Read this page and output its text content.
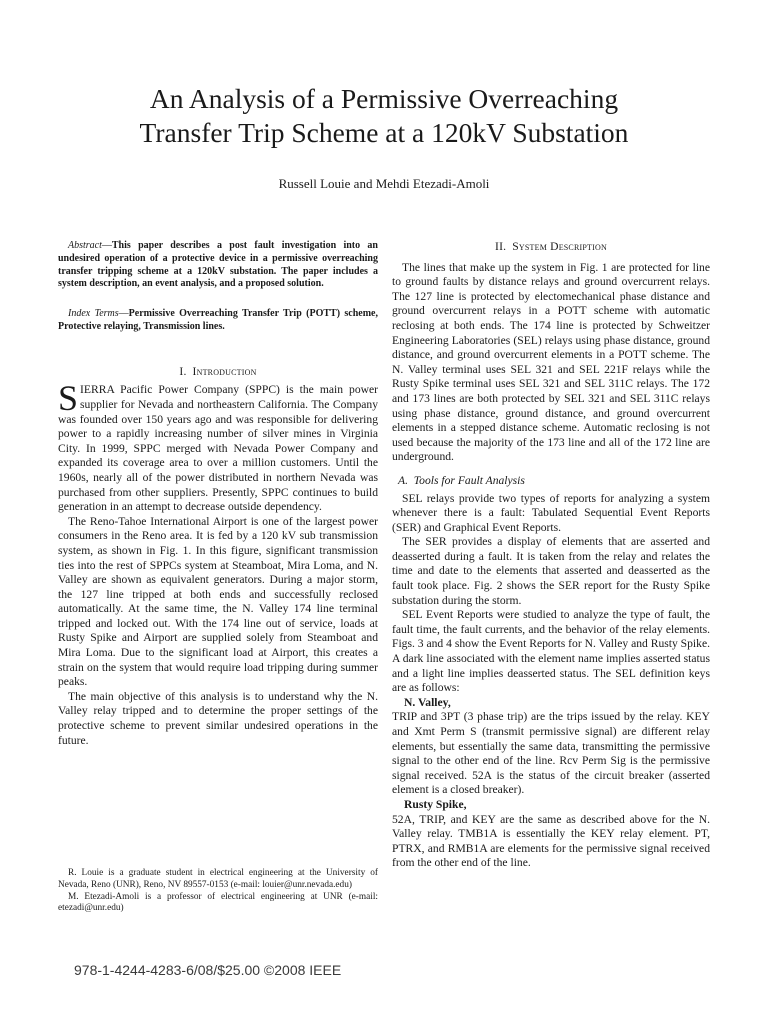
An Analysis of a Permissive Overreaching
Transfer Trip Scheme at a 120kV Substation
Russell Louie and Mehdi Etezadi-Amoli

Abstract—This paper describes a post fault investigation into an undesired operation of a protective device in a permissive overreaching transfer tripping scheme at a 120kV substation. The paper includes a system description, an event analysis, and a proposed solution.

Index Terms—Permissive Overreaching Transfer Trip (POTT) scheme, Protective relaying, Transmission lines.

I. Introduction

SIERRA Pacific Power Company (SPPC) is the main power supplier for Nevada and northeastern California. The Company was founded over 150 years ago and was responsible for delivering power to a rapidly increasing number of silver mines in Virginia City. In 1999, SPPC merged with Nevada Power Company and expanded its coverage area to over a million customers. Until the 1960s, nearly all of the power distributed in northern Nevada was purchased from other suppliers. Presently, SPPC continues to build generation in an attempt to decrease outside dependency.

The Reno-Tahoe International Airport is one of the largest power consumers in the Reno area. It is fed by a 120 kV sub transmission system, as shown in Fig. 1. In this figure, significant transmission ties into the rest of SPPCs system at Steamboat, Mira Loma, and N. Valley are shown as equivalent generators. During a major storm, the 127 line tripped at both ends and successfully reclosed automatically. At the same time, the N. Valley 174 line terminal tripped and locked out. With the 174 line out of service, loads at Rusty Spike and Airport are supplied solely from Steamboat and Mira Loma. Due to the significant load at Airport, this creates a strain on the system that would require load tripping during summer peaks.

The main objective of this analysis is to understand why the N. Valley relay tripped and to determine the proper settings of the protective scheme to prevent similar undesired operations in the future.

R. Louie is a graduate student in electrical engineering at the University of Nevada, Reno (UNR), Reno, NV 89557-0153 (e-mail: louier@unr.nevada.edu)

M. Etezadi-Amoli is a professor of electrical engineering at UNR (e-mail: etezadi@unr.edu)

II. System Description

The lines that make up the system in Fig. 1 are protected for line to ground faults by distance relays and ground overcurrent relays. The 127 line is protected by electomechanical phase distance and ground overcurrent relays in a POTT scheme with automatic reclosing at both ends. The 174 line is protected by Schweitzer Engineering Laboratories (SEL) relays using phase distance, ground distance, and ground overcurrent elements in a POTT scheme. The N. Valley terminal uses SEL 321 and SEL 221F relays while the Rusty Spike terminal uses SEL 321 and SEL 311C relays. The 172 and 173 lines are both protected by SEL 321 and SEL 311C relays using phase distance, ground distance, and ground overcurrent elements in a stepped distance scheme. Automatic reclosing is not used because the majority of the 173 line and all of the 172 line are underground.

A. Tools for Fault Analysis

SEL relays provide two types of reports for analyzing a system whenever there is a fault: Tabulated Sequential Event Reports (SER) and Graphical Event Reports.

The SER provides a display of elements that are asserted and deasserted during a fault. It is taken from the relay and relates the time and date to the elements that asserted and deasserted as the fault took place. Fig. 2 shows the SER report for the Rusty Spike substation during the storm.

SEL Event Reports were studied to analyze the type of fault, the fault time, the fault currents, and the behavior of the relay elements. Figs. 3 and 4 show the Event Reports for N. Valley and Rusty Spike. A dark line associated with the element name implies asserted status and a light line implies deasserted status. The SEL definition keys are as follows:

N. Valley,

TRIP and 3PT (3 phase trip) are the trips issued by the relay. KEY and Xmt Perm S (transmit permissive signal) are different relay elements, but essentially the same data, transmitting the permissive signal to the other end of the line. Rcv Perm Sig is the permissive signal received. 52A is the status of the circuit breaker (asserted element is a closed breaker).

Rusty Spike,

52A, TRIP, and KEY are the same as described above for the N. Valley relay. TMB1A is essentially the KEY relay element. PT, PTRX, and RMB1A are elements for the permissive signal received from the other end of the line.

978-1-4244-4283-6/08/$25.00 ©2008 IEEE
